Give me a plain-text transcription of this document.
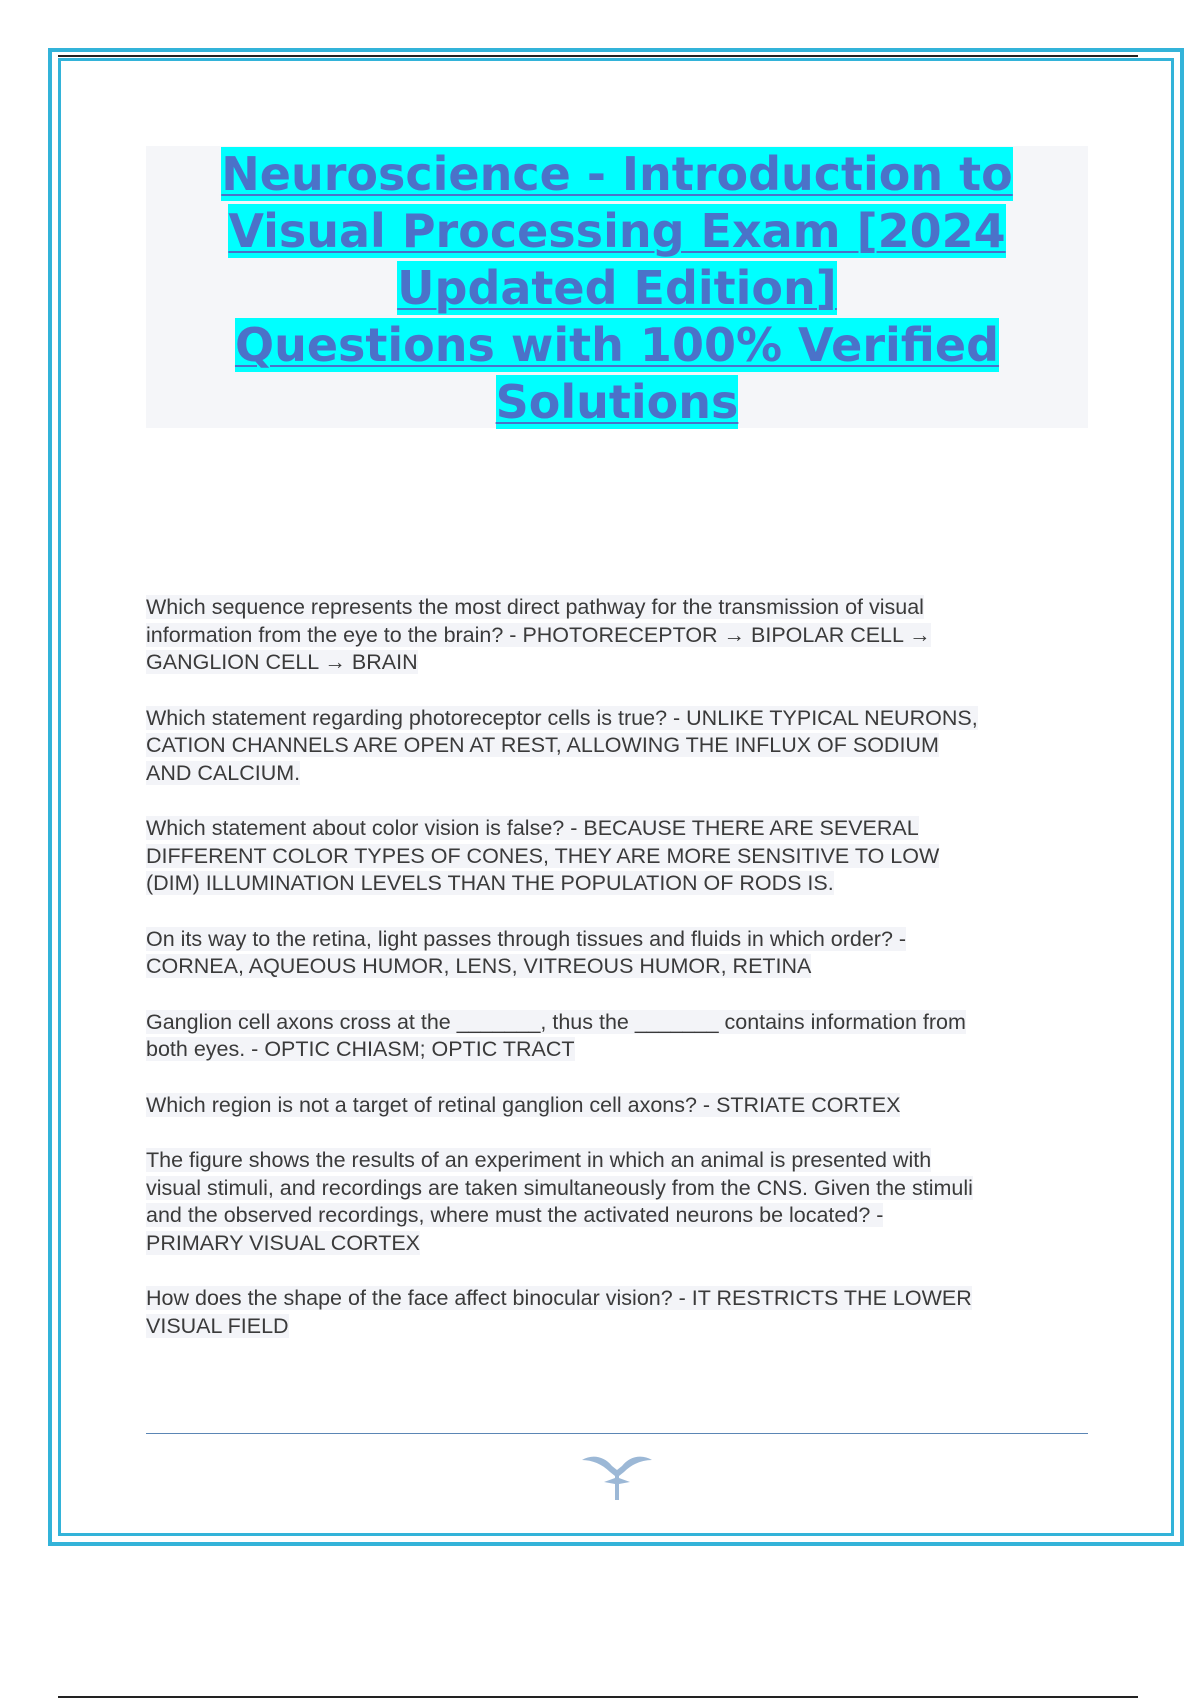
Neuroscience - Introduction to
Visual Processing Exam [2024
Updated Edition]
Questions with 100% Verified
Solutions

Which sequence represents the most direct pathway for the transmission of visual
information from the eye to the brain? - PHOTORECEPTOR → BIPOLAR CELL →
GANGLION CELL → BRAIN

Which statement regarding photoreceptor cells is true? - UNLIKE TYPICAL NEURONS,
CATION CHANNELS ARE OPEN AT REST, ALLOWING THE INFLUX OF SODIUM
AND CALCIUM.

Which statement about color vision is false? - BECAUSE THERE ARE SEVERAL
DIFFERENT COLOR TYPES OF CONES, THEY ARE MORE SENSITIVE TO LOW
(DIM) ILLUMINATION LEVELS THAN THE POPULATION OF RODS IS.

On its way to the retina, light passes through tissues and fluids in which order? -
CORNEA, AQUEOUS HUMOR, LENS, VITREOUS HUMOR, RETINA

Ganglion cell axons cross at the _______, thus the _______ contains information from
both eyes. - OPTIC CHIASM; OPTIC TRACT

Which region is not a target of retinal ganglion cell axons? - STRIATE CORTEX

The figure shows the results of an experiment in which an animal is presented with
visual stimuli, and recordings are taken simultaneously from the CNS. Given the stimuli
and the observed recordings, where must the activated neurons be located? -
PRIMARY VISUAL CORTEX

How does the shape of the face affect binocular vision? - IT RESTRICTS THE LOWER
VISUAL FIELD
